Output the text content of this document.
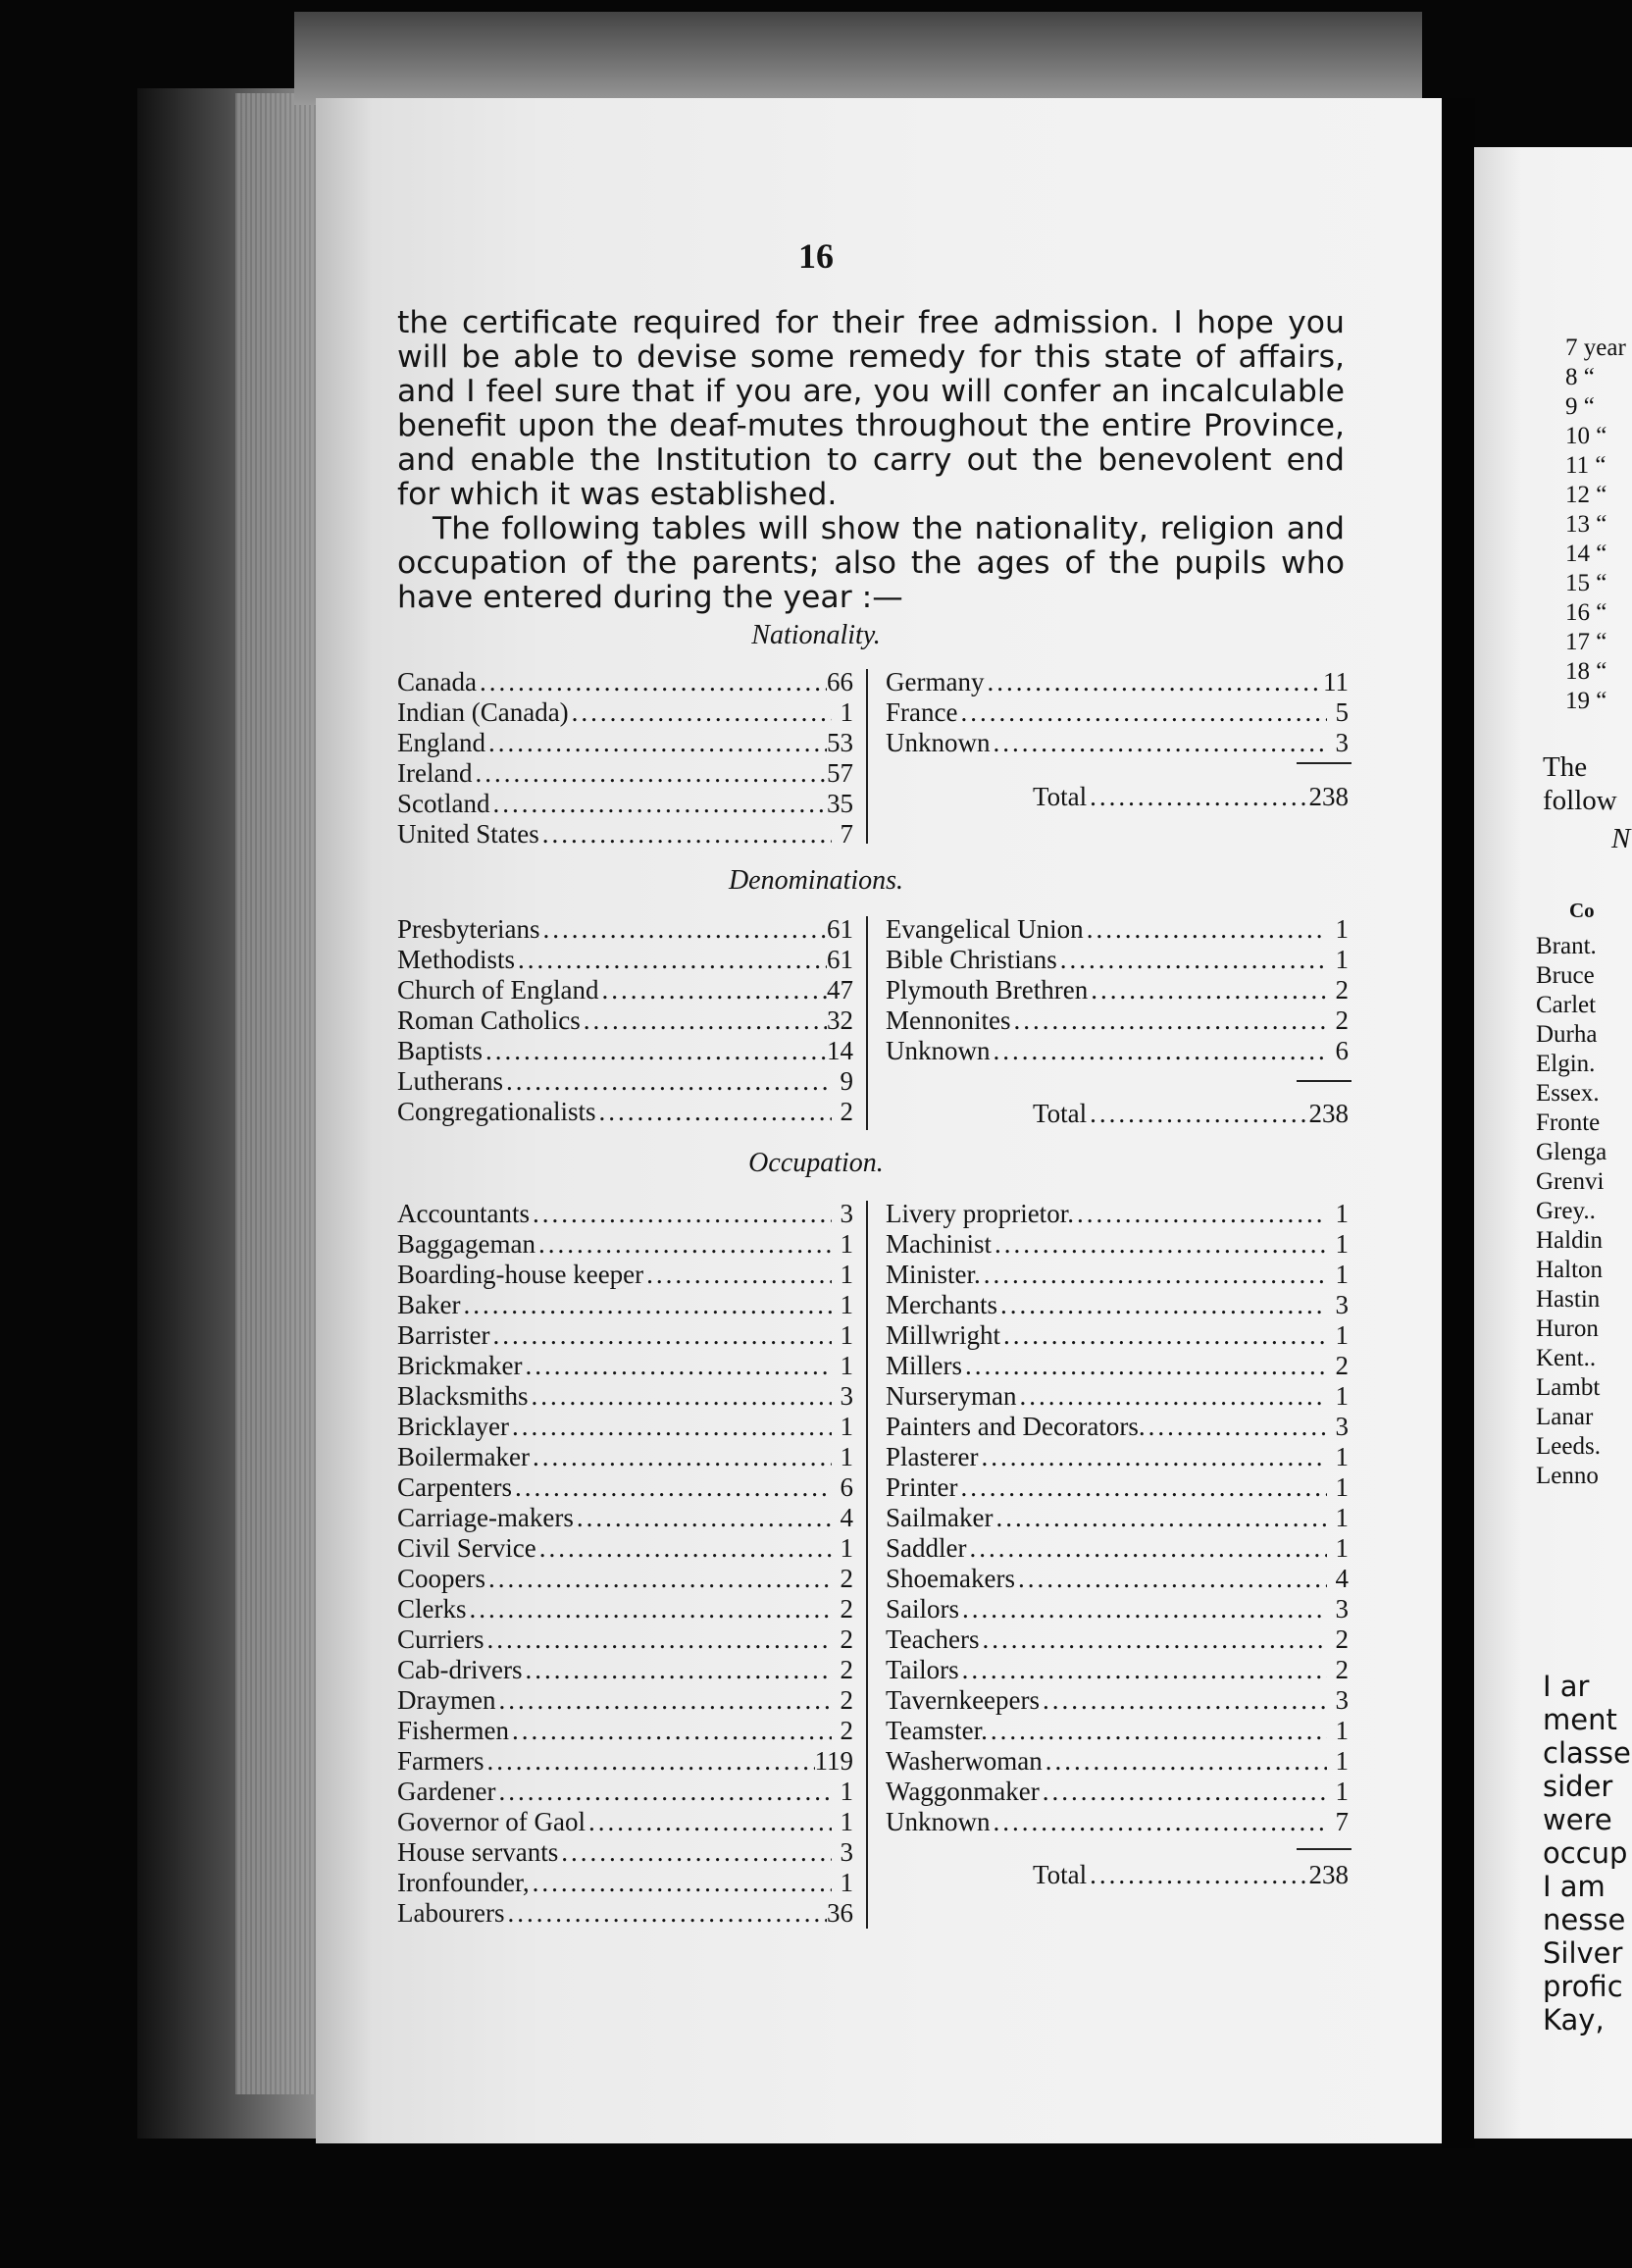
7 year
8 “
9 “
10 “
11 “
12 “
13 “
14 “
15 “
16 “
17 “
18 “
19 “
The
follow
N
Co
Brant.
Bruce
Carlet
Durha
Elgin.
Essex.
Fronte
Glenga
Grenvi
Grey..
Haldin
Halton
Hastin
Huron
Kent..
Lambt
Lanar
Leeds.
Lenno
I ar
ment
classe
sider
were
occup
I am
nesse
Silver
profic
Kay,
16

the certificate required for their free admission. I hope you will be able to devise some remedy for this state of affairs, and I feel sure that if you are, you will confer an incalculable benefit upon the deaf-mutes throughout the entire Province, and enable the Institution to carry out the benevolent end for which it was established.

The following tables will show the nationality, religion and occupation of the parents; also the ages of the pupils who have entered during the year :—

Nationality.
Canada .....	66
Indian (Canada) .....	1
England .....	53
Ireland .....	57
Scotland .....	35
United States .....	7
Germany .....	11
France .....	5
Unknown .....	3
Total .....	238
Denominations.
Presbyterians .....	61
Methodists .....	61
Church of England .....	47
Roman Catholics .....	32
Baptists .....	14
Lutherans .....	9
Congregationalists .....	2
Evangelical Union .....	1
Bible Christians .....	1
Plymouth Brethren .....	2
Mennonites .....	2
Unknown .....	6
Total .....	238
Occupation.
Accountants .....	3
Baggageman .....	1
Boarding-house keeper .....	1
Baker .....	1
Barrister .....	1
Brickmaker .....	1
Blacksmiths .....	3
Bricklayer .....	1
Boilermaker .....	1
Carpenters .....	6
Carriage-makers .....	4
Civil Service .....	1
Coopers .....	2
Clerks .....	2
Curriers .....	2
Cab-drivers .....	2
Draymen .....	2
Fishermen .....	2
Farmers .....	119
Gardener .....	1
Governor of Gaol .....	1
House servants .....	3
Ironfounder, .....	1
Labourers .....	36
Livery proprietor. .....	1
Machinist .....	1
Minister. .....	1
Merchants .....	3
Millwright .....	1
Millers .....	2
Nurseryman .....	1
Painters and Decorators. .....	3
Plasterer .....	1
Printer .....	1
Sailmaker .....	1
Saddler .....	1
Shoemakers .....	4
Sailors .....	3
Teachers .....	2
Tailors .....	2
Tavernkeepers .....	3
Teamster. .....	1
Washerwoman .....	1
Waggonmaker .....	1
Unknown .....	7
Total .....	238
